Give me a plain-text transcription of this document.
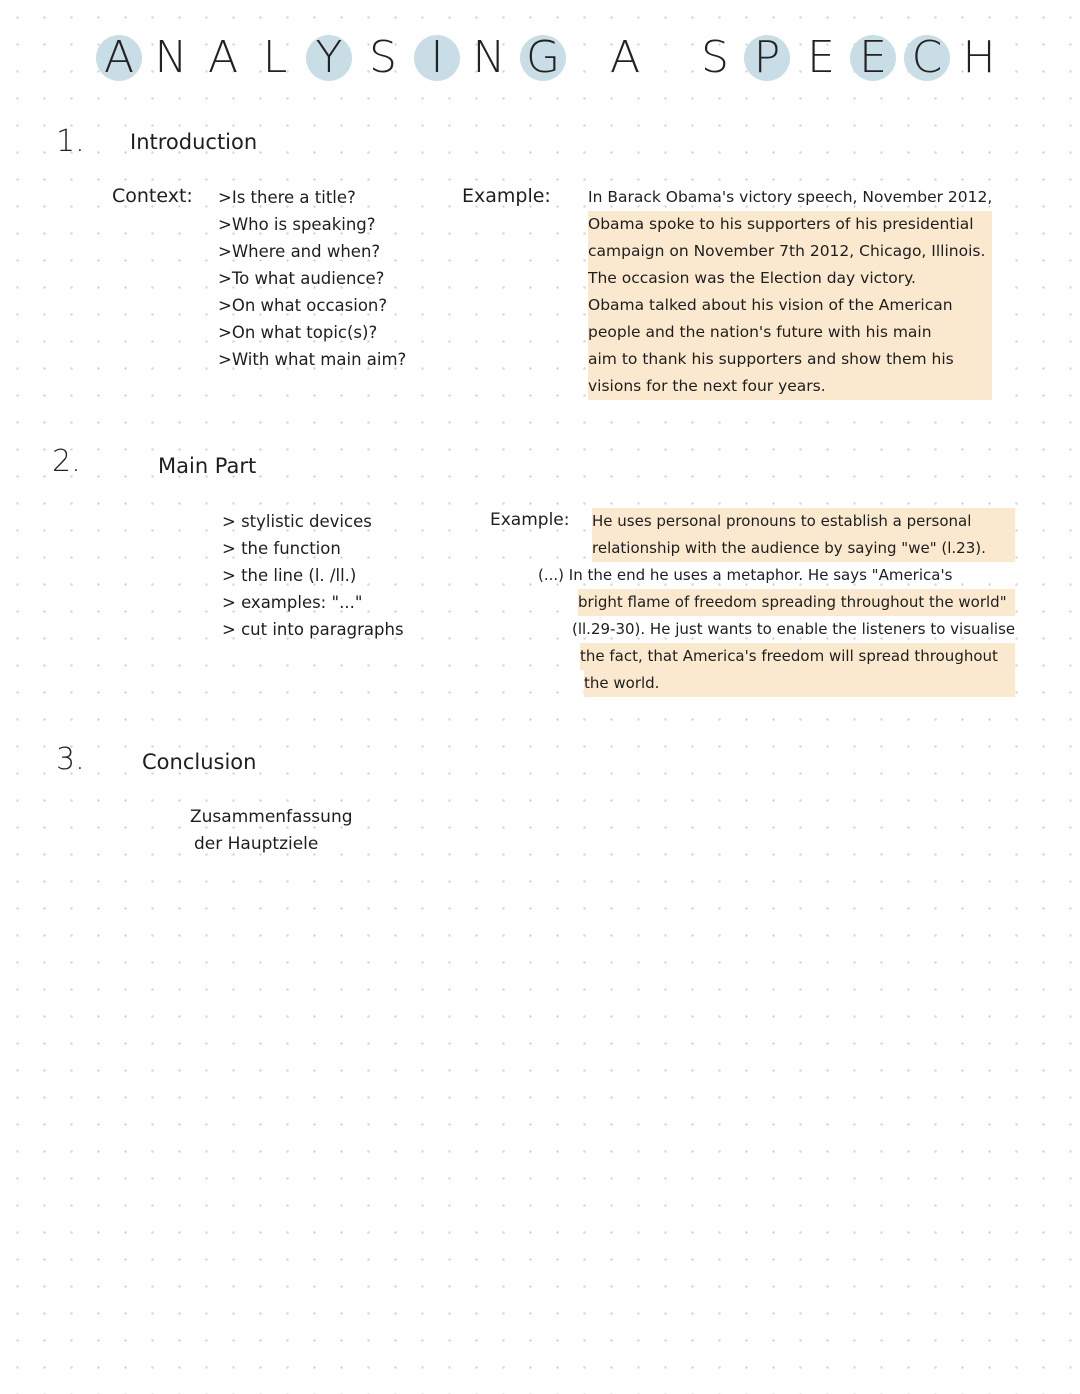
A N A L Y S I N G A S P E E C H
1. Introduction
Context: >Is there a title?
>Who is speaking?
>Where and when?
>To what audience?
>On what occasion?
>On what topic(s)?
>With what main aim?
Example: In Barack Obama's victory speech, November 2012,
Obama spoke to his supporters of his presidential
campaign on November 7th 2012, Chicago, Illinois.
The occasion was the Election day victory.
Obama talked about his vision of the American
people and the nation's future with his main
aim to thank his supporters and show them his
visions for the next four years.
2.	Main Part
> stylistic devices
> the function
> the line (l. /ll.)
> examples: "..."
> cut into paragraphs
Example: He uses personal pronouns to establish a personal
relationship with the audience by saying "we" (l.23).
(...) In the end he uses a metaphor. He says "America's
bright flame of freedom spreading throughout the world"
(ll.29-30). He just wants to enable the listeners to visualise
the fact, that America's freedom will spread throughout
the world.
3.	Conclusion
Zusammenfassung
der Hauptziele
